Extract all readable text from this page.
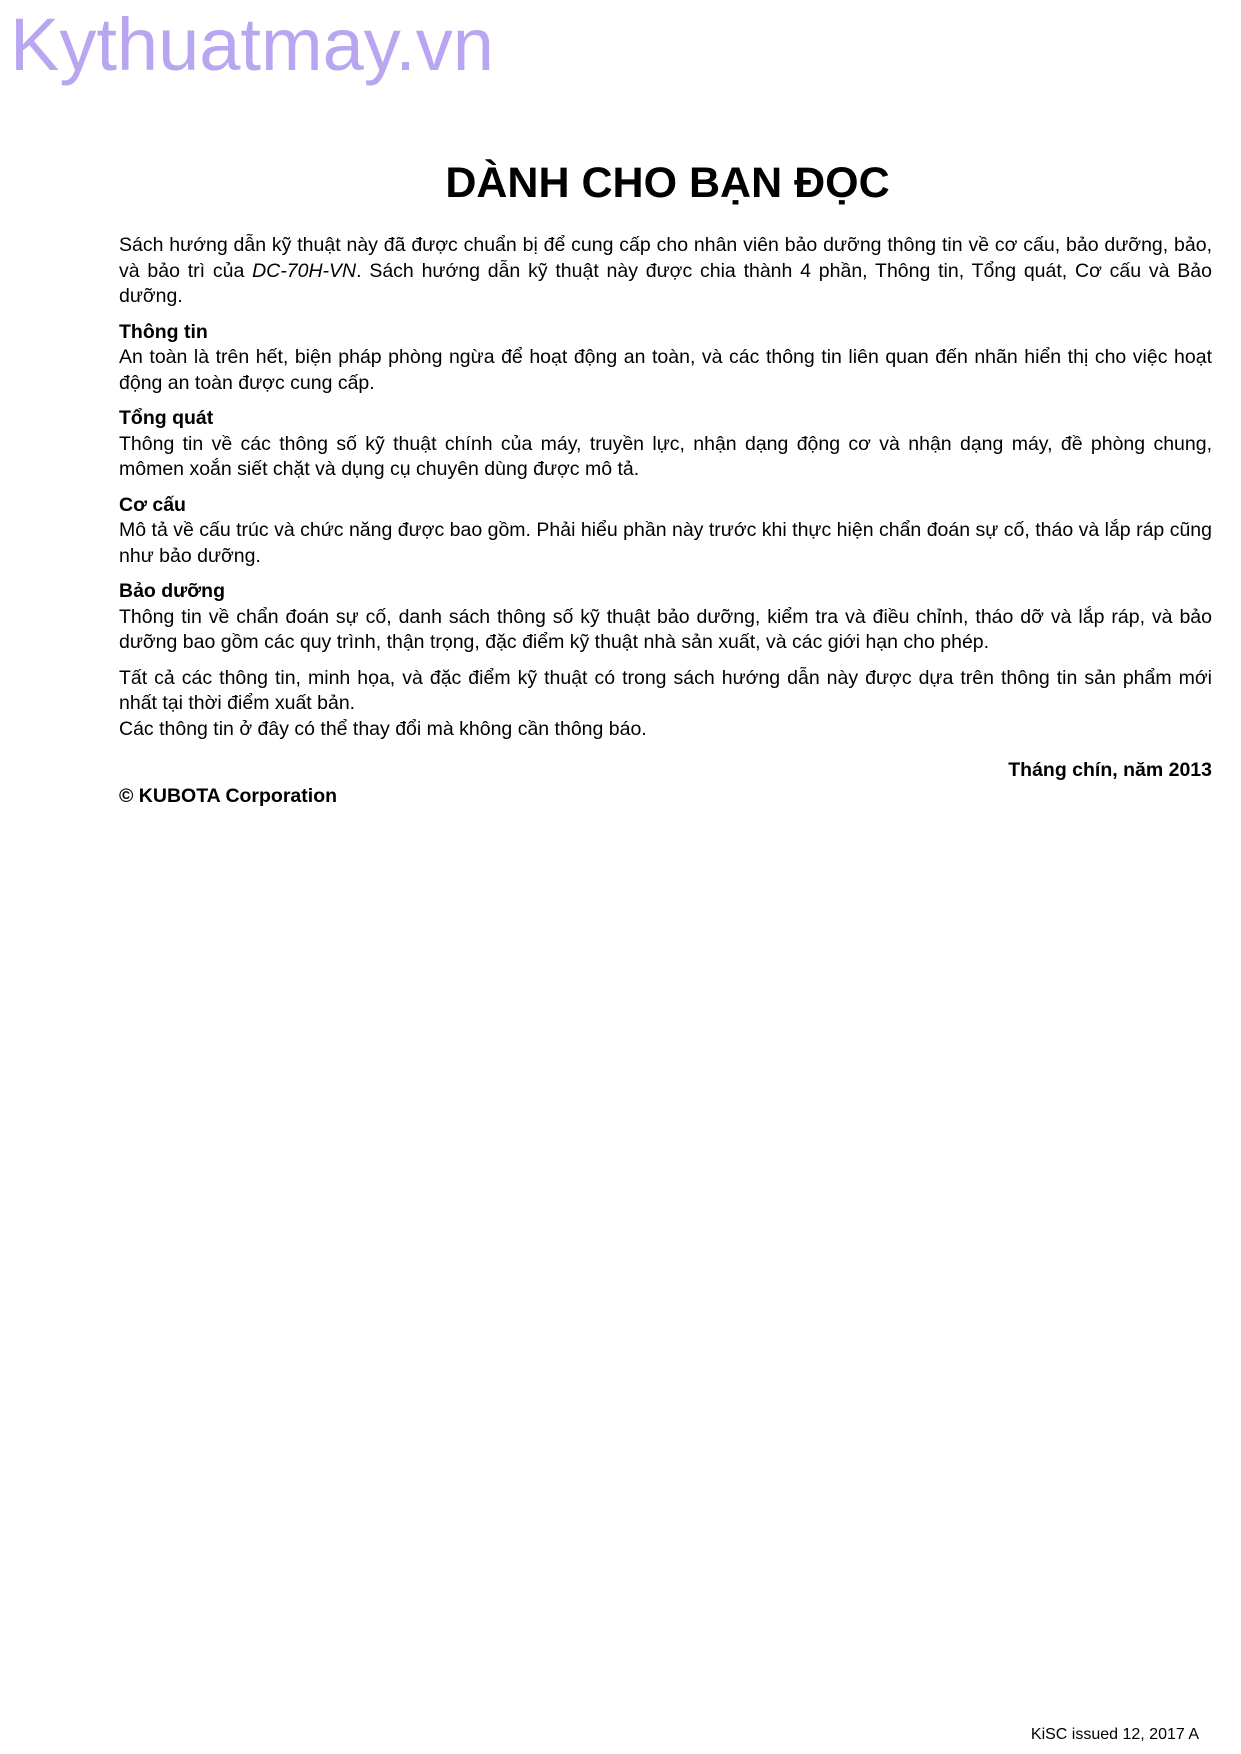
Kythuatmay.vn
DÀNH CHO BẠN ĐỌC

Sách hướng dẫn kỹ thuật này đã được chuẩn bị để cung cấp cho nhân viên bảo dưỡng thông tin về cơ cấu, bảo dưỡng, bảo, và bảo trì của DC-70H-VN. Sách hướng dẫn kỹ thuật này được chia thành 4 phần, Thông tin, Tổng quát, Cơ cấu và Bảo dưỡng.

Thông tin

An toàn là trên hết, biện pháp phòng ngừa để hoạt động an toàn, và các thông tin liên quan đến nhãn hiển thị cho việc hoạt động an toàn được cung cấp.

Tổng quát

Thông tin về các thông số kỹ thuật chính của máy, truyền lực, nhận dạng động cơ và nhận dạng máy, đề phòng chung, mômen xoắn siết chặt và dụng cụ chuyên dùng được mô tả.

Cơ cấu

Mô tả về cấu trúc và chức năng được bao gồm. Phải hiểu phần này trước khi thực hiện chẩn đoán sự cố, tháo và lắp ráp cũng như bảo dưỡng.

Bảo dưỡng

Thông tin về chẩn đoán sự cố, danh sách thông số kỹ thuật bảo dưỡng, kiểm tra và điều chỉnh, tháo dỡ và lắp ráp, và bảo dưỡng bao gồm các quy trình, thận trọng, đặc điểm kỹ thuật nhà sản xuất, và các giới hạn cho phép.

Tất cả các thông tin, minh họa, và đặc điểm kỹ thuật có trong sách hướng dẫn này được dựa trên thông tin sản phẩm mới nhất tại thời điểm xuất bản.

Các thông tin ở đây có thể thay đổi mà không cần thông báo.

Tháng chín, năm 2013

© KUBOTA Corporation

KiSC issued 12, 2017 A
